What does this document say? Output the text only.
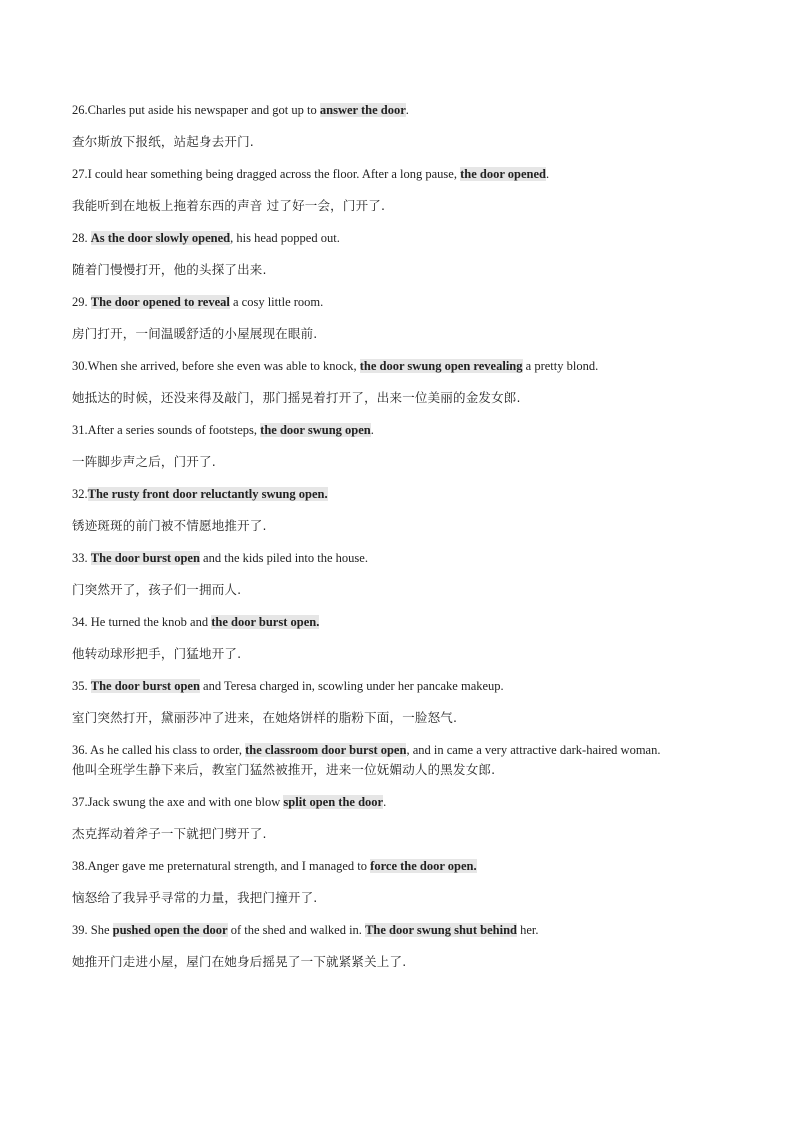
26.Charles put aside his newspaper and got up to answer the door.
查尔斯放下报纸，站起身去开门.
27.I could hear something being dragged across the floor. After a long pause, the door opened.
我能听到在地板上拖着东西的声音 过了好一会，门开了.
28. As the door slowly opened, his head popped out.
随着门慢慢打开，他的头探了出来.
29. The door opened to reveal a cosy little room.
房门打开，一间温暖舒适的小屋展现在眼前.
30.When she arrived, before she even was able to knock, the door swung open revealing a pretty blond.
她抵达的时候，还没来得及敲门，那门摇晃着打开了，出来一位美丽的金发女郎.
31.After a series sounds of footsteps, the door swung open.
一阵脚步声之后，门开了.
32.The rusty front door reluctantly swung open.
锈迹斑斑的前门被不情愿地推开了.
33. The door burst open and the kids piled into the house.
门突然开了，孩子们一拥而人.
34. He turned the knob and the door burst open.
他转动球形把手，门猛地开了.
35. The door burst open and Teresa charged in, scowling under her pancake makeup.
室门突然打开，黛丽莎冲了进来，在她烙饼样的脂粉下面，一脸怒气.
36. As he called his class to order, the classroom door burst open, and in came a very attractive dark-haired woman.
他叫全班学生静下来后，教室门猛然被推开，进来一位妩媚动人的黑发女郎.
37.Jack swung the axe and with one blow split open the door.
杰克挥动着斧子一下就把门劈开了.
38.Anger gave me preternatural strength, and I managed to force the door open.
恼怒给了我异乎寻常的力量，我把门撞开了.
39. She pushed open the door of the shed and walked in. The door swung shut behind her.
她推开门走进小屋，屋门在她身后摇晃了一下就紧紧关上了.
